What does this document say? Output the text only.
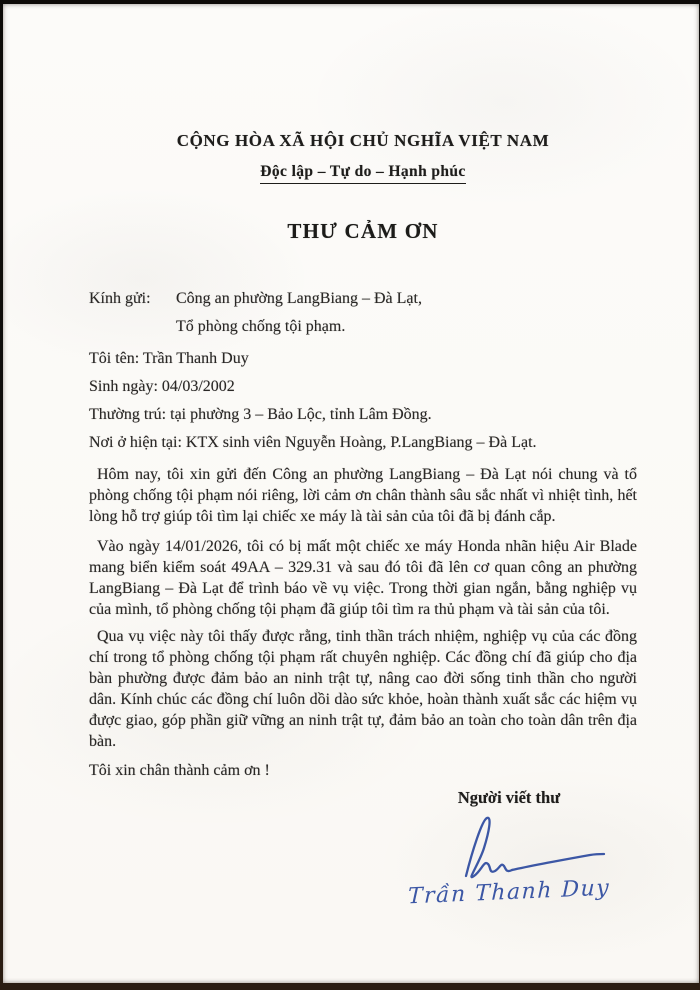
CỘNG HÒA XÃ HỘI CHỦ NGHĨA VIỆT NAM
Độc lập – Tự do – Hạnh phúc
THƯ CẢM ƠN
Kính gửi:	Công an phường LangBiang – Đà Lạt,
Tổ phòng chống tội phạm.
Tôi tên: Trần Thanh Duy
Sinh ngày: 04/03/2002
Thường trú: tại phường 3 – Bảo Lộc, tỉnh Lâm Đồng.
Nơi ở hiện tại: KTX sinh viên Nguyễn Hoàng, P.LangBiang – Đà Lạt.

Hôm nay, tôi xin gửi đến Công an phường LangBiang – Đà Lạt nói chung và tổ phòng chống tội phạm nói riêng, lời cảm ơn chân thành sâu sắc nhất vì nhiệt tình, hết lòng hỗ trợ giúp tôi tìm lại chiếc xe máy là tài sản của tôi đã bị đánh cắp.

Vào ngày 14/01/2026, tôi có bị mất một chiếc xe máy Honda nhãn hiệu Air Blade mang biển kiểm soát 49AA – 329.31 và sau đó tôi đã lên cơ quan công an phường LangBiang – Đà Lạt để trình báo về vụ việc. Trong thời gian ngắn, bằng nghiệp vụ của mình, tổ phòng chống tội phạm đã giúp tôi tìm ra thủ phạm và tài sản của tôi.

Qua vụ việc này tôi thấy được rằng, tinh thần trách nhiệm, nghiệp vụ của các đồng chí trong tổ phòng chống tội phạm rất chuyên nghiệp. Các đồng chí đã giúp cho địa bàn phường được đảm bảo an ninh trật tự, nâng cao đời sống tinh thần cho người dân. Kính chúc các đồng chí luôn dồi dào sức khỏe, hoàn thành xuất sắc các hiệm vụ được giao, góp phần giữ vững an ninh trật tự, đảm bảo an toàn cho toàn dân trên địa bàn.

Tôi xin chân thành cảm ơn !
Người viết thư
Trần Thanh Duy
